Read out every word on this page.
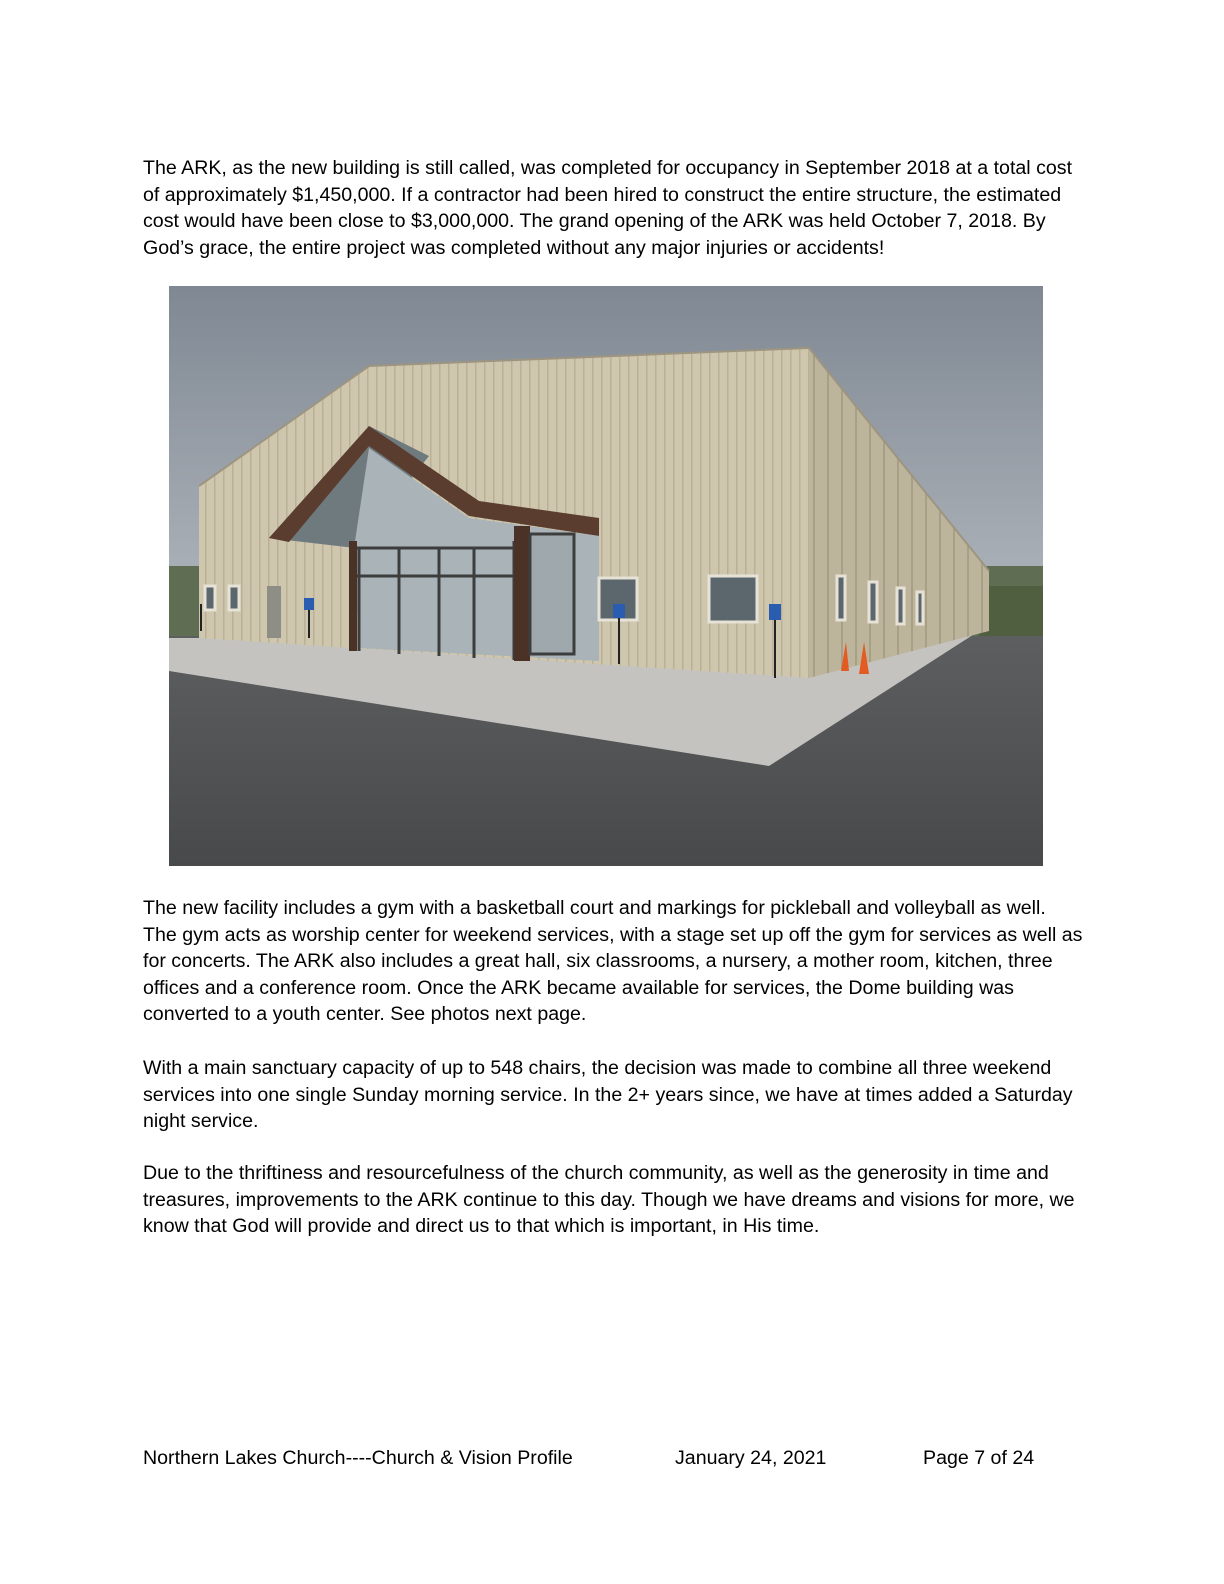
The ARK, as the new building is still called, was completed for occupancy in September 2018 at a total cost of approximately $1,450,000. If a contractor had been hired to construct the entire structure, the estimated cost would have been close to $3,000,000. The grand opening of the ARK was held October 7, 2018. By God’s grace, the entire project was completed without any major injuries or accidents!

The new facility includes a gym with a basketball court and markings for pickleball and volleyball as well. The gym acts as worship center for weekend services, with a stage set up off the gym for services as well as for concerts. The ARK also includes a great hall, six classrooms, a nursery, a mother room, kitchen, three offices and a conference room. Once the ARK became available for services, the Dome building was converted to a youth center. See photos next page.

With a main sanctuary capacity of up to 548 chairs, the decision was made to combine all three weekend services into one single Sunday morning service. In the 2+ years since, we have at times added a Saturday night service.

Due to the thriftiness and resourcefulness of the church community, as well as the generosity in time and treasures, improvements to the ARK continue to this day. Though we have dreams and visions for more, we know that God will provide and direct us to that which is important, in His time.

Northern Lakes Church----Church & Vision Profile	January 24, 2021	Page 7 of 24
